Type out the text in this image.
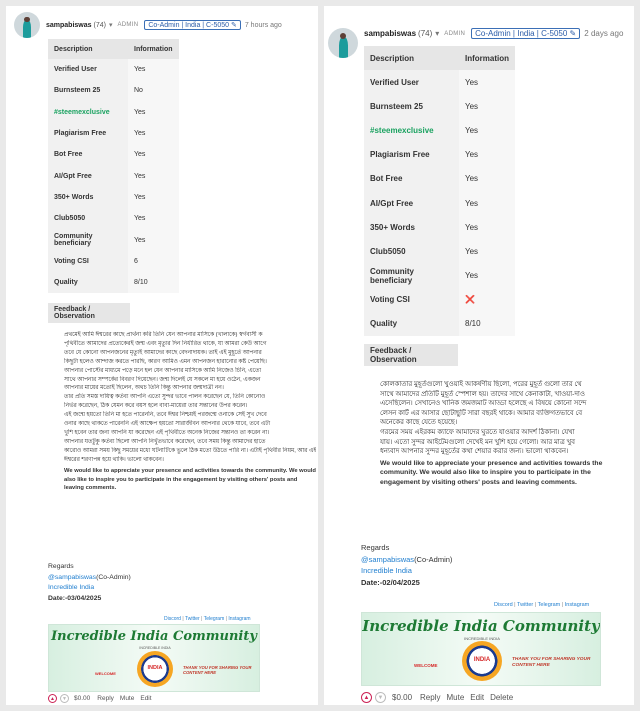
sampabiswas (74) ▾ ADMIN	Co-Admin | India | C-5050 ✎	7 hours ago
Description	Information
Verified User	Yes
Burnsteem 25	No
#steemexclusive	Yes
Plagiarism Free	Yes
Bot Free	Yes
AI/Gpt Free	Yes
350+ Words	Yes
Club5050	Yes
Community beneficiary	Yes
Voting CSI	6
Quality	8/10
Feedback / Observation
• প্রথমেই আমি ঈশ্বরের কাছে প্রার্থনা করি তিনি যেন আপনার মাসিকে (খালাকে) স্বর্গবাসী ক
পৃথিবীতে আমাদের প্রত্যেকেরই জন্ম এবং মৃত্যুর দিন নির্ধারিত থাকে, যা আমরা কেউ আগে
তবে যে কোনো আপনজনের মৃত্যুই আমাদের কাছে বেদনাদায়ক। তাই এই মুহূর্তে আপনার
কিছুটা হলেও আন্দাজ করতে পারছি, কারণ আমিও এমন আপনজন হারানোর কষ্ট পেয়েছি।
• আপনার পোস্টের মাধ্যমে পড়ে মনে হল যেন আপনার মাসিকে আমি নিজেও চিনি, এতো
সাথে আপনার সম্পর্কের বিবরণ দিয়েছেন। জন্ম দিলেই যে সকলে মা হয়ে ওঠেন, একজন
আপনার মায়ের মতোই ছিলেন, অথচ তিনি কিন্তু আপনার জন্মদাত্রী নন।
• তার প্রতি সমস্ত দায়িত্ব কর্তব্য আপনি এতো সুন্দর ভাবে পালন করেছেন যে, তিনি কোনোও
নির্ভর করেছেন, ঠিক যেমন করে বয়স হলে বাবা-মায়েরা তার সন্তানের উপর করেন।
• এই জন্মে হয়তো তিনি মা হতে পারেননি, তবে ঈশ্বর নিশ্চয়ই পরজন্মে ওনাকে সেই সুখ দেবে
ওনার কাছে থাকতে পারেননি এই আক্ষেপ হয়তো সারাজীবন আপনার থেকে যাবে, তবে এটা
খুশি হবেন তার জন্য আপনি যা করেছেন এই পৃথিবীতে অনেক নিজের সন্তানও তা করেন না।
• আপনার যতটুকু কর্তব্য ছিলো আপনি নিখুঁতভাবে করেছেন, তবে সময় কিন্তু আমাদের হাতে
কারোও আমরা সময় কিছু সময়ের মধ্যে ঘটনাটিকে ভুলে ঠিক মতো উঠতে পারি না। এটাই পৃথিবীর নিয়ম, আর এই
ঈশ্বরের শরণাপন্ন হয়ে থাকি। ভালো থাকবেন।
• We would like to appreciate your presence and activities towards the community. We would also like to inspire you to participate in the engagement by visiting others' posts and leaving comments.
Regards
@sampabiswas(Co-Admin)
Incredible India
Date:-03/04/2025
Discord | Twitter | Telegram | Instagram
Incredible India Community
WELCOME
INDIA
INCREDIBLE INDIA
THANK YOU FOR SHARING YOUR CONTENT HERE
▲	▼	$0.00 Reply Mute Edit
sampabiswas (74) ▾ ADMIN	Co-Admin | India | C-5050 ✎	2 days ago
Description	Information
Verified User	Yes
Burnsteem 25	Yes
#steemexclusive	Yes
Plagiarism Free	Yes
Bot Free	Yes
AI/Gpt Free	Yes
350+ Words	Yes
Club5050	Yes
Community beneficiary	Yes
Voting CSI	❌
Quality	8/10
Feedback / Observation
• কোলকাতার মুহূর্তগুলো খুওয়াই আকর্ষণীয় ছিলো, পরের মুহূর্ত গুলো তার থে
সাথে আমাদের প্রতিটি মুহূর্ত স্পেশাল হয়। তাদের সাথে কেনাকাটা, খাওয়া-দাও
এসেছিলেন। সেখানেও খানিক জমজমাট আড্ডা হলেছে এ বিষয়ে কোনো সন্দে
• লেসন কার্ট এর আসার ছোটাছুটি সারা বছরই থাকে। আমার ব্যক্তিগতভাবে বে
অনেকের কাছে যেতে হয়েছে।
• গরমের সময় এইরকম ক্যাফে আমাদের ঘুরতে যাওয়ার আদর্শ ঠিকানা। যেখা
যায়। এতো সুন্দর আইটেমগুলো দেখেই মন খুশি হয়ে গেলো। আর মাত্র খুব
ধন্যবাদ আপনার সুন্দর মুহূর্তের কথা শেয়ার করার জন্য। ভালো থাকবেন।
• We would like to appreciate your presence and activities towards the community. We would also like to inspire you to participate in the engagement by visiting others' posts and leaving comments.
Regards
@sampabiswas(Co-Admin)
Incredible India
Date:-02/04/2025
Discord | Twitter | Telegram | Instagram
Incredible India Community
WELCOME
INDIA
INCREDIBLE INDIA
THANK YOU FOR SHARING YOUR CONTENT HERE
▲	▼	$0.00 Reply Mute Edit Delete
